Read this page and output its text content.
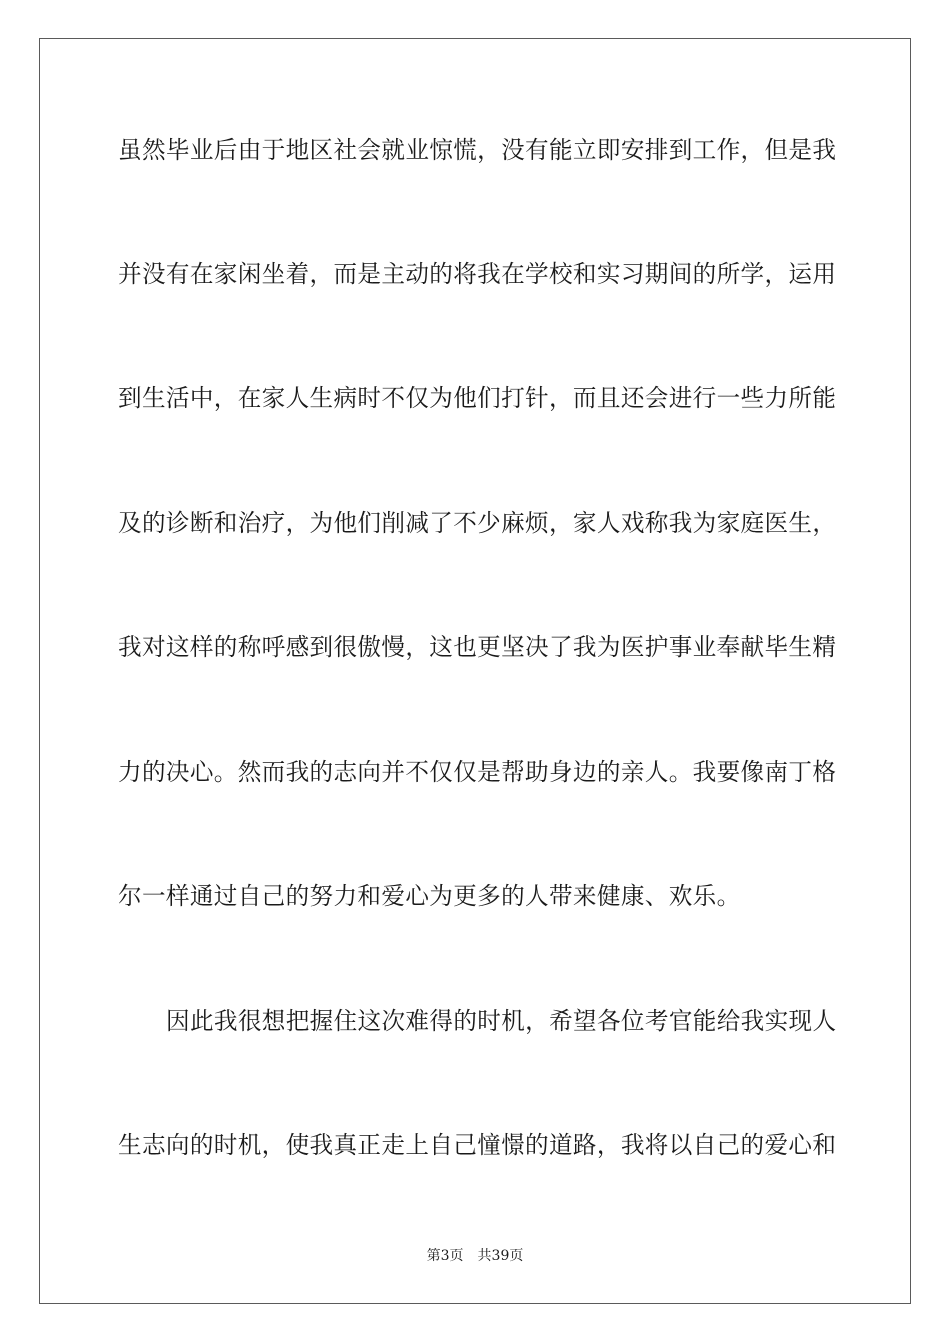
虽然毕业后由于地区社会就业惊慌，没有能立即安排到工作，但是我
并没有在家闲坐着，而是主动的将我在学校和实习期间的所学，运用
到生活中，在家人生病时不仅为他们打针，而且还会进行一些力所能
及的诊断和治疗，为他们削减了不少麻烦，家人戏称我为家庭医生，
我对这样的称呼感到很傲慢，这也更坚决了我为医护事业奉献毕生精
力的决心。然而我的志向并不仅仅是帮助身边的亲人。我要像南丁格
尔一样通过自己的努力和爱心为更多的人带来健康、欢乐。
因此我很想把握住这次难得的时机，希望各位考官能给我实现人
生志向的时机，使我真正走上自己憧憬的道路，我将以自己的爱心和
第3页 共39页
